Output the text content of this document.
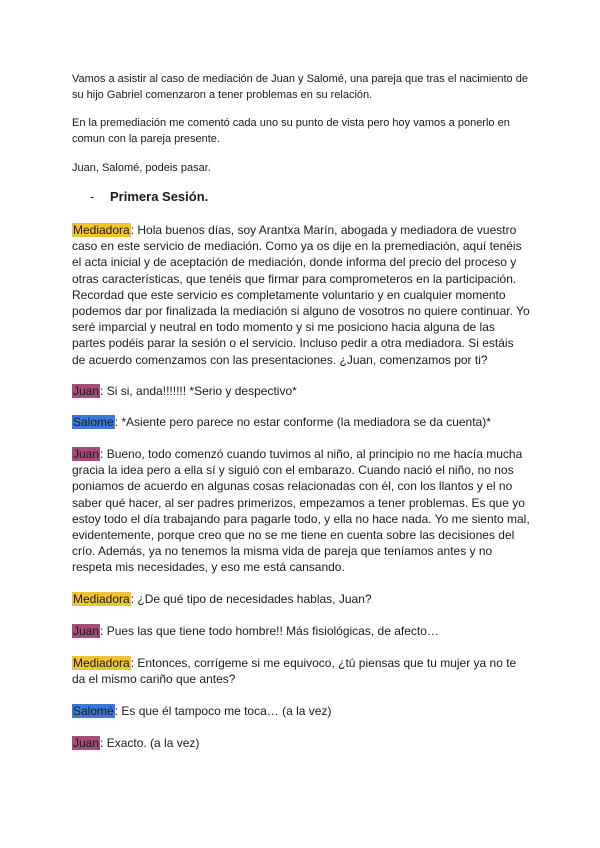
Vamos a asistir al caso de mediación de Juan y Salomé, una pareja que tras el nacimiento de su hijo Gabriel comenzaron a tener problemas en su relación.

En la premediación me comentó cada uno su punto de vista pero hoy vamos a ponerlo en comun con la pareja presente.

Juan, Salomé, podeis pasar.

- Primera Sesión.

Mediadora: Hola buenos días, soy Arantxa Marín, abogada y mediadora de vuestro caso en este servicio de mediación. Como ya os dije en la premediación, aquí tenéis el acta inicial y de aceptación de mediación, donde informa del precio del proceso y otras características, que tenéis que firmar para comprometeros en la participación. Recordad que este servicio es completamente voluntario y en cualquier momento podemos dar por finalizada la mediación si alguno de vosotros no quiere continuar. Yo seré imparcial y neutral en todo momento y si me posiciono hacia alguna de las partes podéis parar la sesión o el servicio. Incluso pedir a otra mediadora. Si estáis de acuerdo comenzamos con las presentaciones. ¿Juan, comenzamos por ti?

Juan: Si si, anda!!!!!!! *Serio y despectivo*

Salome: *Asiente pero parece no estar conforme (la mediadora se da cuenta)*

Juan: Bueno, todo comenzó cuando tuvimos al niño, al principio no me hacía mucha gracia la idea pero a ella sí y siguió con el embarazo. Cuando nació el niño, no nos poniamos de acuerdo en algunas cosas relacionadas con él, con los llantos y el no saber qué hacer, al ser padres primerizos, empezamos a tener problemas. Es que yo estoy todo el día trabajando para pagarle todo, y ella no hace nada. Yo me siento mal, evidentemente, porque creo que no se me tiene en cuenta sobre las decisiones del crío. Además, ya no tenemos la misma vida de pareja que teníamos antes y no respeta mis necesidades, y eso me está cansando.

Mediadora: ¿De qué tipo de necesidades hablas, Juan?

Juan: Pues las que tiene todo hombre!! Más fisiológicas, de afecto…

Mediadora: Entonces, corrígeme si me equivoco, ¿tú piensas que tu mujer ya no te da el mismo cariño que antes?

Salomé: Es que él tampoco me toca… (a la vez)

Juan: Exacto. (a la vez)
